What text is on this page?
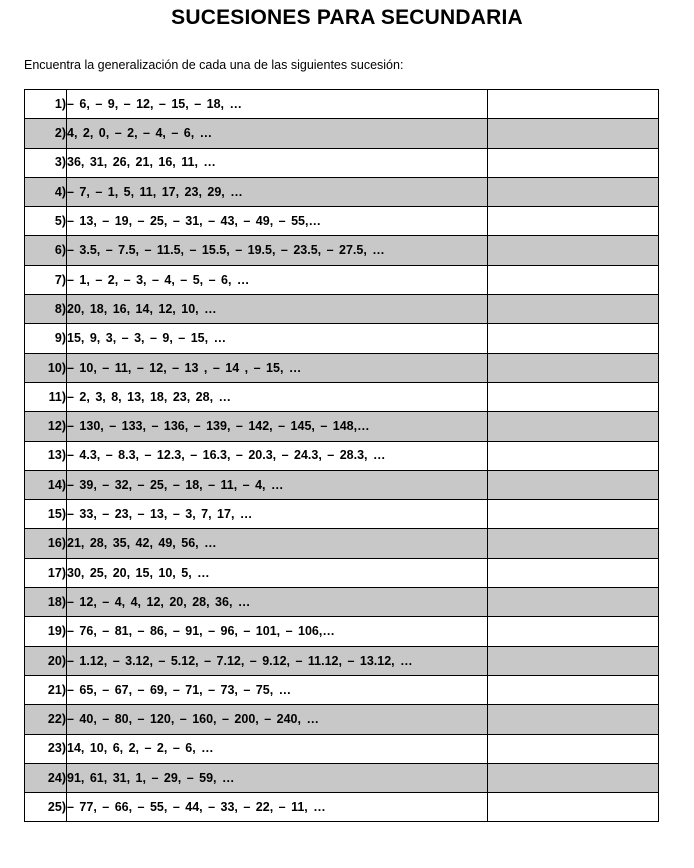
SUCESIONES PARA SECUNDARIA
Encuentra la generalización de cada una de las siguientes sucesión:
1)	– 6, – 9, – 12, – 15, – 18, …	
2)	4, 2, 0, – 2, – 4, – 6, …	
3)	36, 31, 26, 21, 16, 11, …	
4)	– 7, – 1, 5, 11, 17, 23, 29, …	
5)	– 13, – 19, – 25, – 31, – 43, – 49, – 55,…	
6)	– 3.5, – 7.5, – 11.5, – 15.5, – 19.5, – 23.5, – 27.5, …	
7)	– 1, – 2, – 3, – 4, – 5, – 6, …	
8)	20, 18, 16, 14, 12, 10, …	
9)	15, 9, 3, – 3, – 9, – 15, …	
10)	– 10, – 11, – 12, – 13 , – 14 , – 15, …	
11)	– 2, 3, 8, 13, 18, 23, 28, …	
12)	– 130, – 133, – 136, – 139, – 142, – 145, – 148,…	
13)	– 4.3, – 8.3, – 12.3, – 16.3, – 20.3, – 24.3, – 28.3, …	
14)	– 39, – 32, – 25, – 18, – 11, – 4, …	
15)	– 33, – 23, – 13, – 3, 7, 17, …	
16)	21, 28, 35, 42, 49, 56, …	
17)	30, 25, 20, 15, 10, 5, …	
18)	– 12, – 4, 4, 12, 20, 28, 36, …	
19)	– 76, – 81, – 86, – 91, – 96, – 101, – 106,…	
20)	– 1.12, – 3.12, – 5.12, – 7.12, – 9.12, – 11.12, – 13.12, …	
21)	– 65, – 67, – 69, – 71, – 73, – 75, …	
22)	– 40, – 80, – 120, – 160, – 200, – 240, …	
23)	14, 10, 6, 2, – 2, – 6, …	
24)	91, 61, 31, 1, – 29, – 59, …	
25)	– 77, – 66, – 55, – 44, – 33, – 22, – 11, …	
